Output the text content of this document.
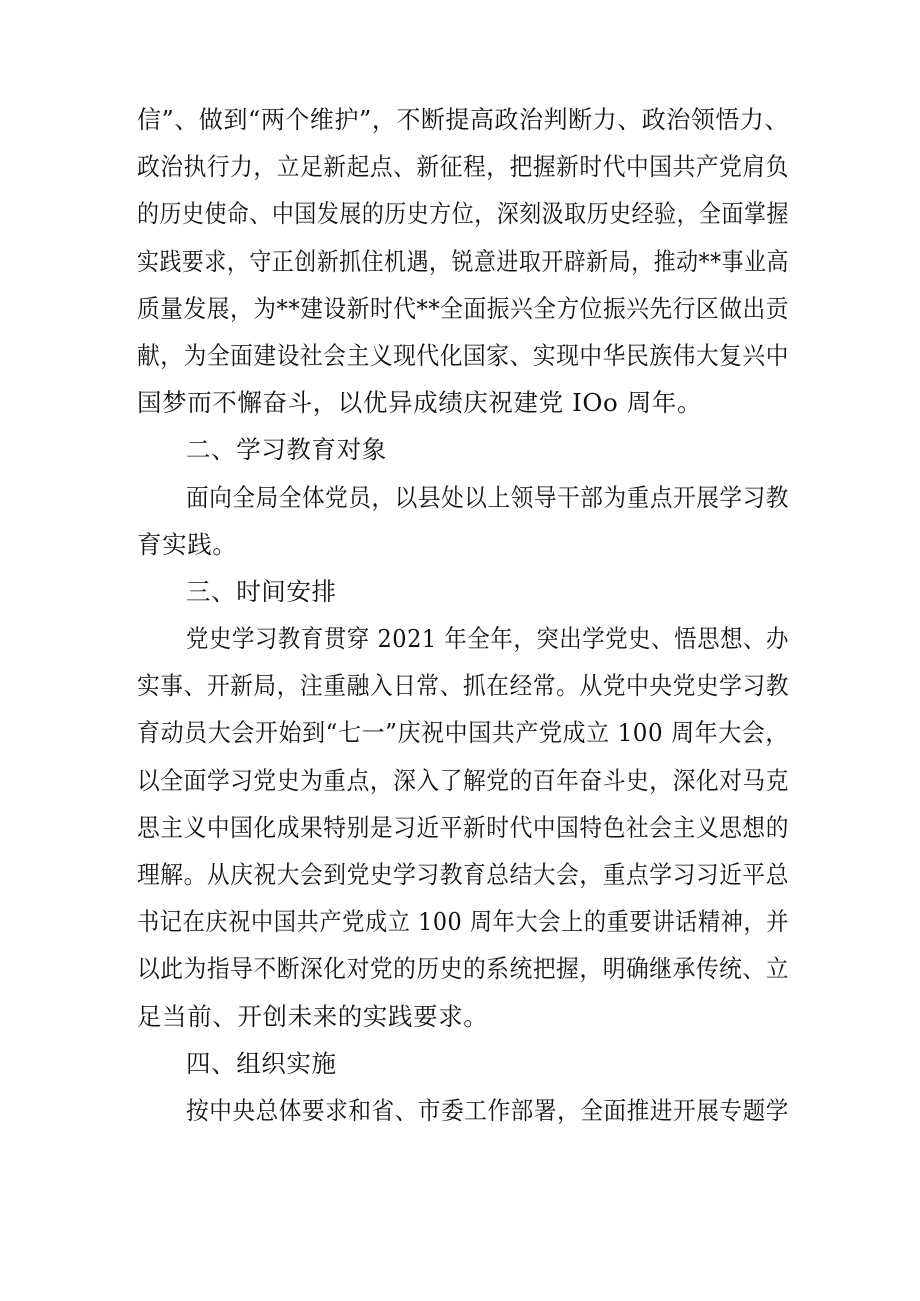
信”、做到“两个维护”，不断提高政治判断力、政治领悟力、
政治执行力，立足新起点、新征程，把握新时代中国共产党肩负
的历史使命、中国发展的历史方位，深刻汲取历史经验，全面掌握
实践要求，守正创新抓住机遇，锐意进取开辟新局，推动**事业高
质量发展，为**建设新时代**全面振兴全方位振兴先行区做出贡
献，为全面建设社会主义现代化国家、实现中华民族伟大复兴中
国梦而不懈奋斗，以优异成绩庆祝建党 IOo 周年。
二、学习教育对象
面向全局全体党员，以县处以上领导干部为重点开展学习教
育实践。
三、时间安排
党史学习教育贯穿 2021 年全年，突出学党史、悟思想、办
实事、开新局，注重融入日常、抓在经常。从党中央党史学习教
育动员大会开始到“七一”庆祝中国共产党成立 100 周年大会，
以全面学习党史为重点，深入了解党的百年奋斗史，深化对马克
思主义中国化成果特别是习近平新时代中国特色社会主义思想的
理解。从庆祝大会到党史学习教育总结大会，重点学习习近平总
书记在庆祝中国共产党成立 100 周年大会上的重要讲话精神，并
以此为指导不断深化对党的历史的系统把握，明确继承传统、立
足当前、开创未来的实践要求。
四、组织实施
按中央总体要求和省、市委工作部署，全面推进开展专题学
